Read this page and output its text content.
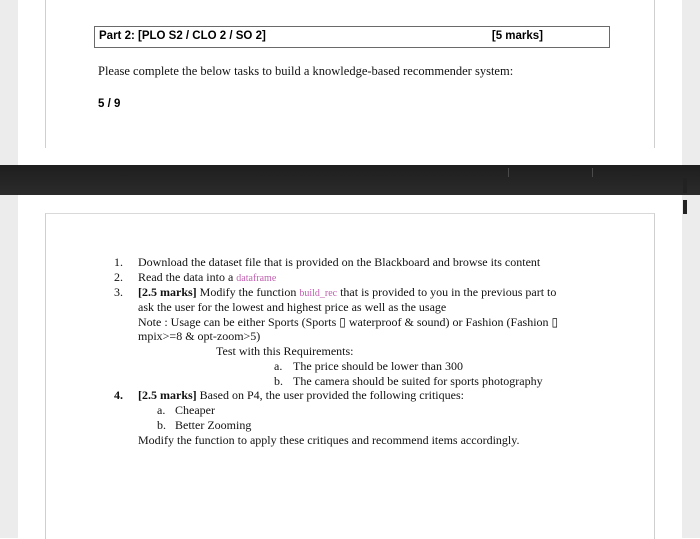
Part 2: [PLO S2 / CLO 2 / SO 2]	[5 marks]
Please complete the below tasks to build a knowledge-based recommender system:
5 / 9
1. Download the dataset file that is provided on the Blackboard and browse its content
2. Read the data into a dataframe
3. [2.5 marks] Modify the function build_rec that is provided to you in the previous part to
ask the user for the lowest and highest price as well as the usage
Note : Usage can be either Sports (Sports ▯ waterproof & sound) or Fashion (Fashion ▯
mpix>=8 & opt-zoom>5)
Test with this Requirements:
a. The price should be lower than 300
b. The camera should be suited for sports photography
4. [2.5 marks] Based on P4, the user provided the following critiques:
a. Cheaper
b. Better Zooming
Modify the function to apply these critiques and recommend items accordingly.
